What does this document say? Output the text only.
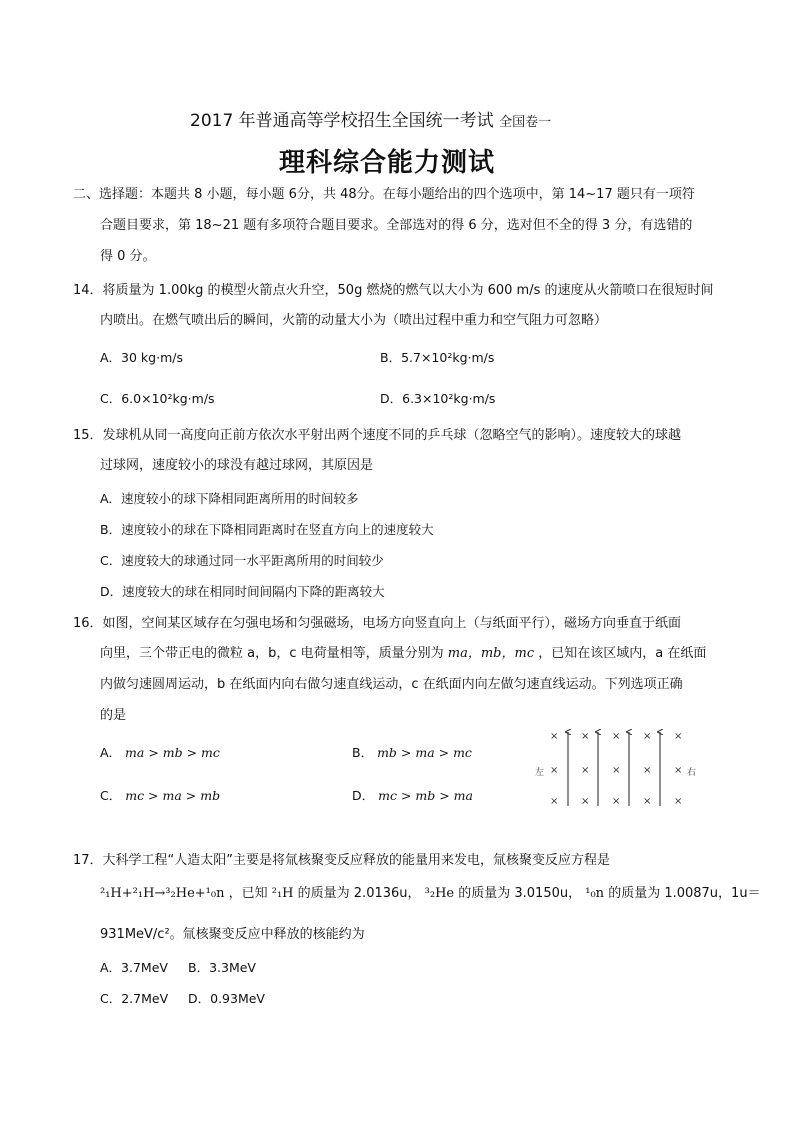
2017 年普通高等学校招生全国统一考试 全国卷一
理科综合能力测试
二、选择题：本题共 8 小题，每小题 6分，共 48分。在每小题给出的四个选项中，第 14~17 题只有一项符
合题目要求，第 18~21 题有多项符合题目要求。全部选对的得 6 分，选对但不全的得 3 分，有选错的
得 0 分。
14．将质量为 1.00kg 的模型火箭点火升空，50g 燃烧的燃气以大小为 600 m/s 的速度从火箭喷口在很短时间
内喷出。在燃气喷出后的瞬间，火箭的动量大小为（喷出过程中重力和空气阻力可忽略）
A．30 kg·m/s	B．5.7×10²kg·m/s
C．6.0×10²kg·m/s	D．6.3×10²kg·m/s
15．发球机从同一高度向正前方依次水平射出两个速度不同的乒乓球（忽略空气的影响）。速度较大的球越
过球网，速度较小的球没有越过球网，其原因是
A．速度较小的球下降相同距离所用的时间较多
B．速度较小的球在下降相同距离时在竖直方向上的速度较大
C．速度较大的球通过同一水平距离所用的时间较少
D．速度较大的球在相同时间间隔内下降的距离较大
16．如图，空间某区域存在匀强电场和匀强磁场，电场方向竖直向上（与纸面平行），磁场方向垂直于纸面
向里，三个带正电的微粒 a，b，c 电荷量相等，质量分别为 ma，mb，mc ，已知在该区域内，a 在纸面
内做匀速圆周运动，b 在纸面内向右做匀速直线运动，c 在纸面内向左做匀速直线运动。下列选项正确
的是
A． ma > mb > mc	B． mb > ma > mc
C． mc > ma > mb	D． mc > mb > ma
× × × × ×
× × × × ×
× × × × ×
左	右
17．大科学工程“人造太阳”主要是将氚核聚变反应释放的能量用来发电，氚核聚变反应方程是
²₁H+²₁H→³₂He+¹₀n ，已知 ²₁H 的质量为 2.0136u， ³₂He 的质量为 3.0150u， ¹₀n 的质量为 1.0087u，1u＝
931MeV/c²。氚核聚变反应中释放的核能约为
A．3.7MeV B．3.3MeV
C．2.7MeV D．0.93MeV
